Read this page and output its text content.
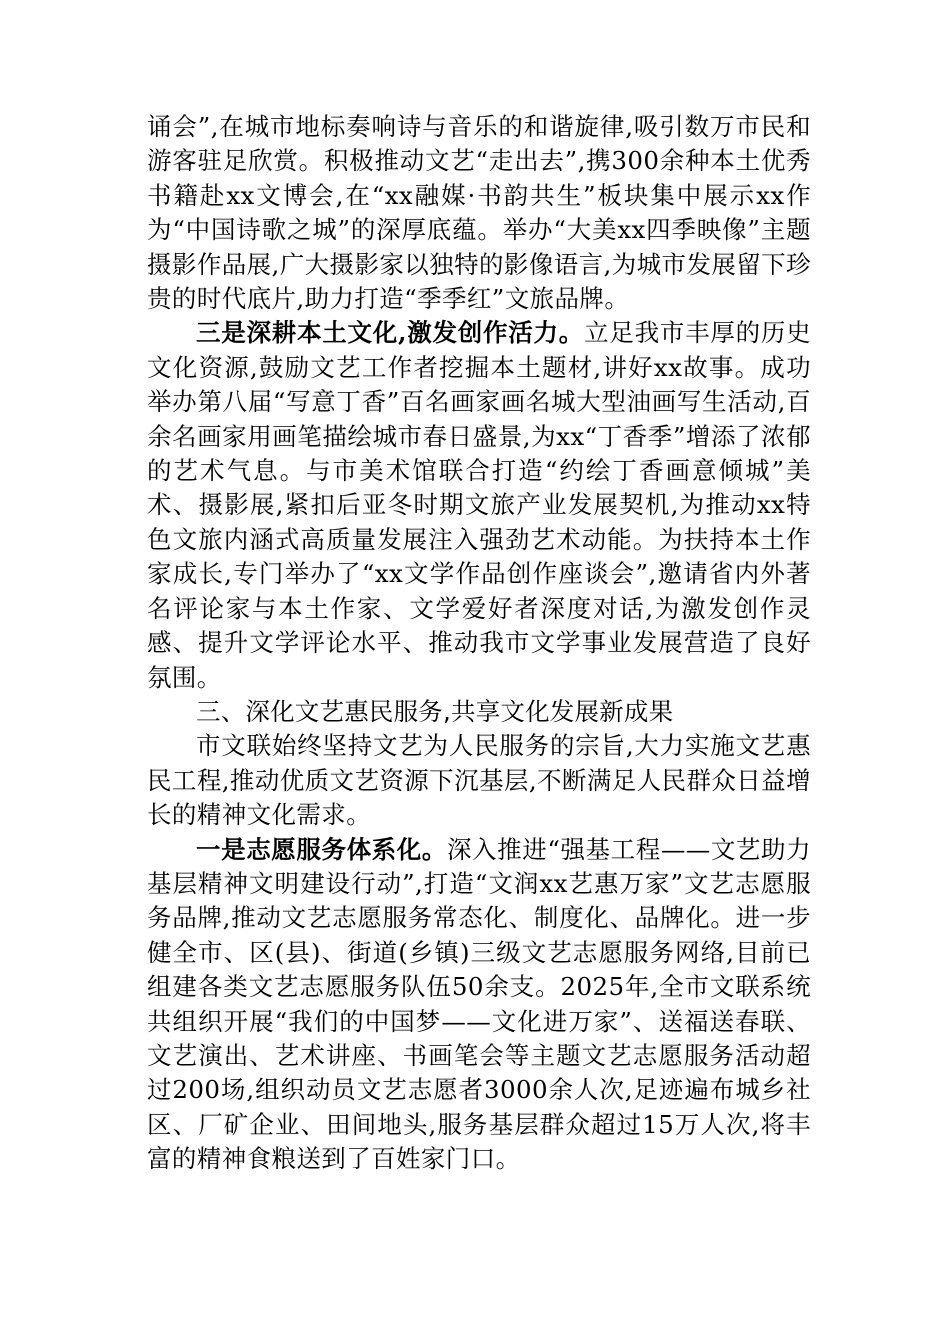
诵会”,在城市地标奏响诗与音乐的和谐旋律,吸引数万市民和游客驻足欣赏。积极推动文艺“走出去”,携300余种本土优秀书籍赴xx文博会,在“xx融媒·书韵共生”板块集中展示xx作为“中国诗歌之城”的深厚底蕴。举办“大美xx四季映像”主题摄影作品展,广大摄影家以独特的影像语言,为城市发展留下珍贵的时代底片,助力打造“季季红”文旅品牌。

三是深耕本土文化,激发创作活力。立足我市丰厚的历史文化资源,鼓励文艺工作者挖掘本土题材,讲好xx故事。成功举办第八届“写意丁香”百名画家画名城大型油画写生活动,百余名画家用画笔描绘城市春日盛景,为xx“丁香季”增添了浓郁的艺术气息。与市美术馆联合打造“约绘丁香画意倾城”美术、摄影展,紧扣后亚冬时期文旅产业发展契机,为推动xx特色文旅内涵式高质量发展注入强劲艺术动能。为扶持本土作家成长,专门举办了“xx文学作品创作座谈会”,邀请省内外著名评论家与本土作家、文学爱好者深度对话,为激发创作灵感、提升文学评论水平、推动我市文学事业发展营造了良好氛围。

三、深化文艺惠民服务,共享文化发展新成果

市文联始终坚持文艺为人民服务的宗旨,大力实施文艺惠民工程,推动优质文艺资源下沉基层,不断满足人民群众日益增长的精神文化需求。

一是志愿服务体系化。深入推进“强基工程——文艺助力基层精神文明建设行动”,打造“文润xx艺惠万家”文艺志愿服务品牌,推动文艺志愿服务常态化、制度化、品牌化。进一步健全市、区(县)、街道(乡镇)三级文艺志愿服务网络,目前已组建各类文艺志愿服务队伍50余支。2025年,全市文联系统共组织开展“我们的中国梦——文化进万家”、送福送春联、文艺演出、艺术讲座、书画笔会等主题文艺志愿服务活动超过200场,组织动员文艺志愿者3000余人次,足迹遍布城乡社区、厂矿企业、田间地头,服务基层群众超过15万人次,将丰富的精神食粮送到了百姓家门口。
